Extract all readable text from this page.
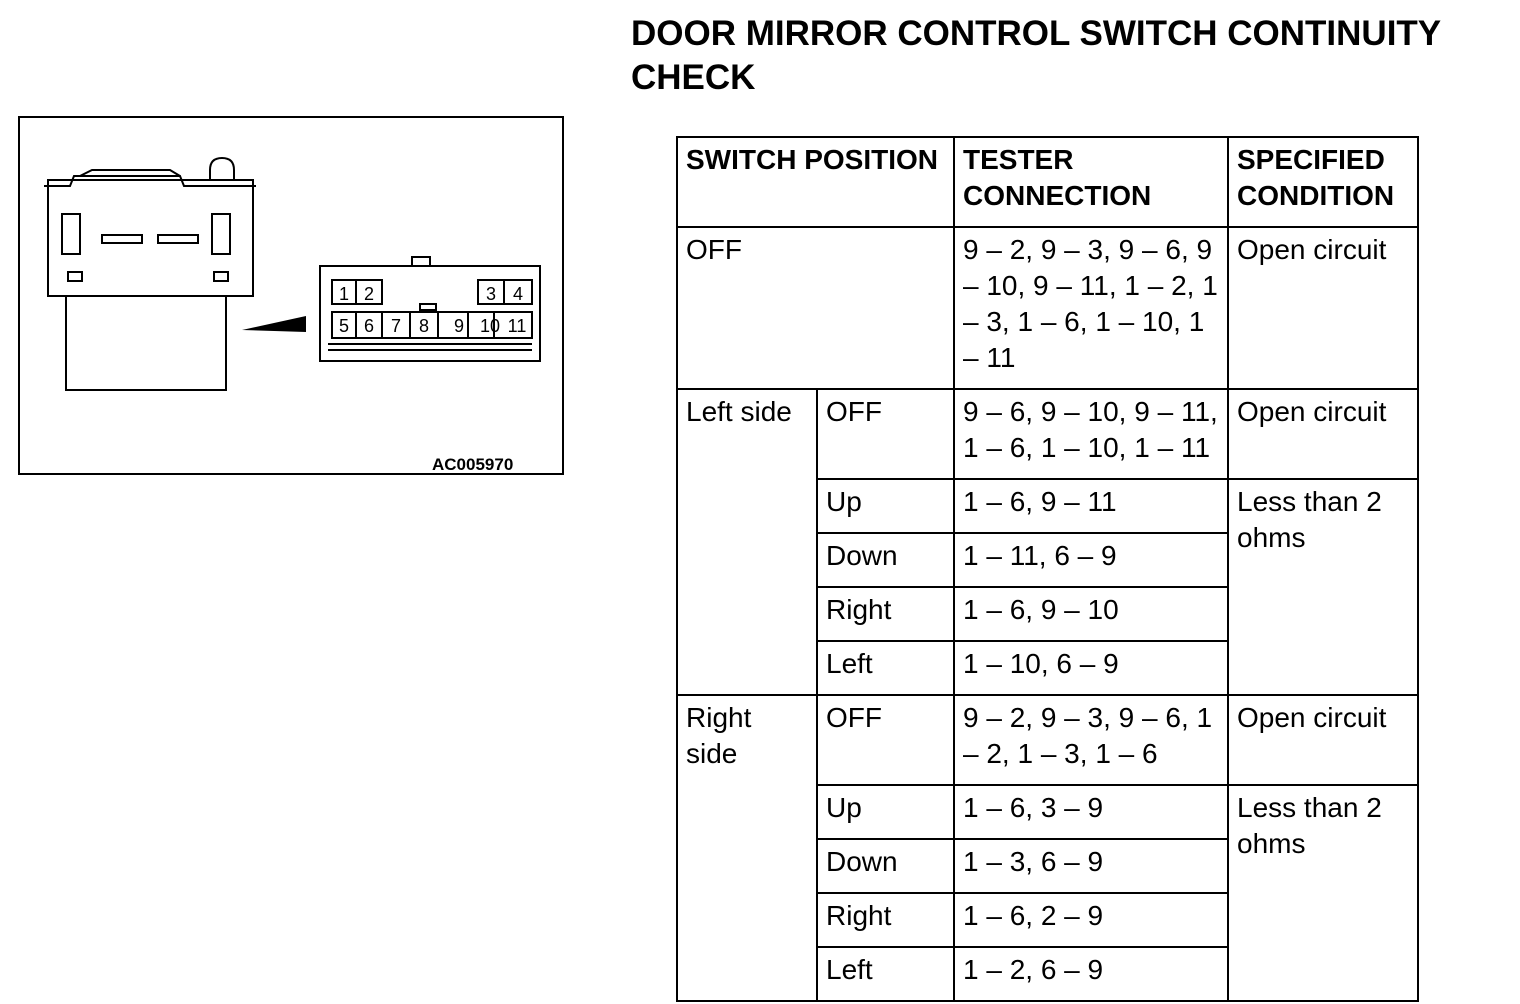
DOOR MIRROR CONTROL SWITCH CONTINUITY CHECK
1 2	3 4
5 6 7 8 9 10 11
AC005970
SWITCH POSITION		TESTER CONNECTION	SPECIFIED CONDITION
OFF		9 – 2, 9 – 3, 9 – 6, 9 – 10, 9 – 11, 1 – 2, 1 – 3, 1 – 6, 1 – 10, 1 – 11	Open circuit
Left side	OFF	9 – 6, 9 – 10, 9 – 11, 1 – 6, 1 – 10, 1 – 11	Open circuit
	Up	1 – 6, 9 – 11	Less than 2 ohms
	Down	1 – 11, 6 – 9	
	Right	1 – 6, 9 – 10	
	Left	1 – 10, 6 – 9	
Right side	OFF	9 – 2, 9 – 3, 9 – 6, 1 – 2, 1 – 3, 1 – 6	Open circuit
	Up	1 – 6, 3 – 9	Less than 2 ohms
	Down	1 – 3, 6 – 9	
	Right	1 – 6, 2 – 9	
	Left	1 – 2, 6 – 9	
